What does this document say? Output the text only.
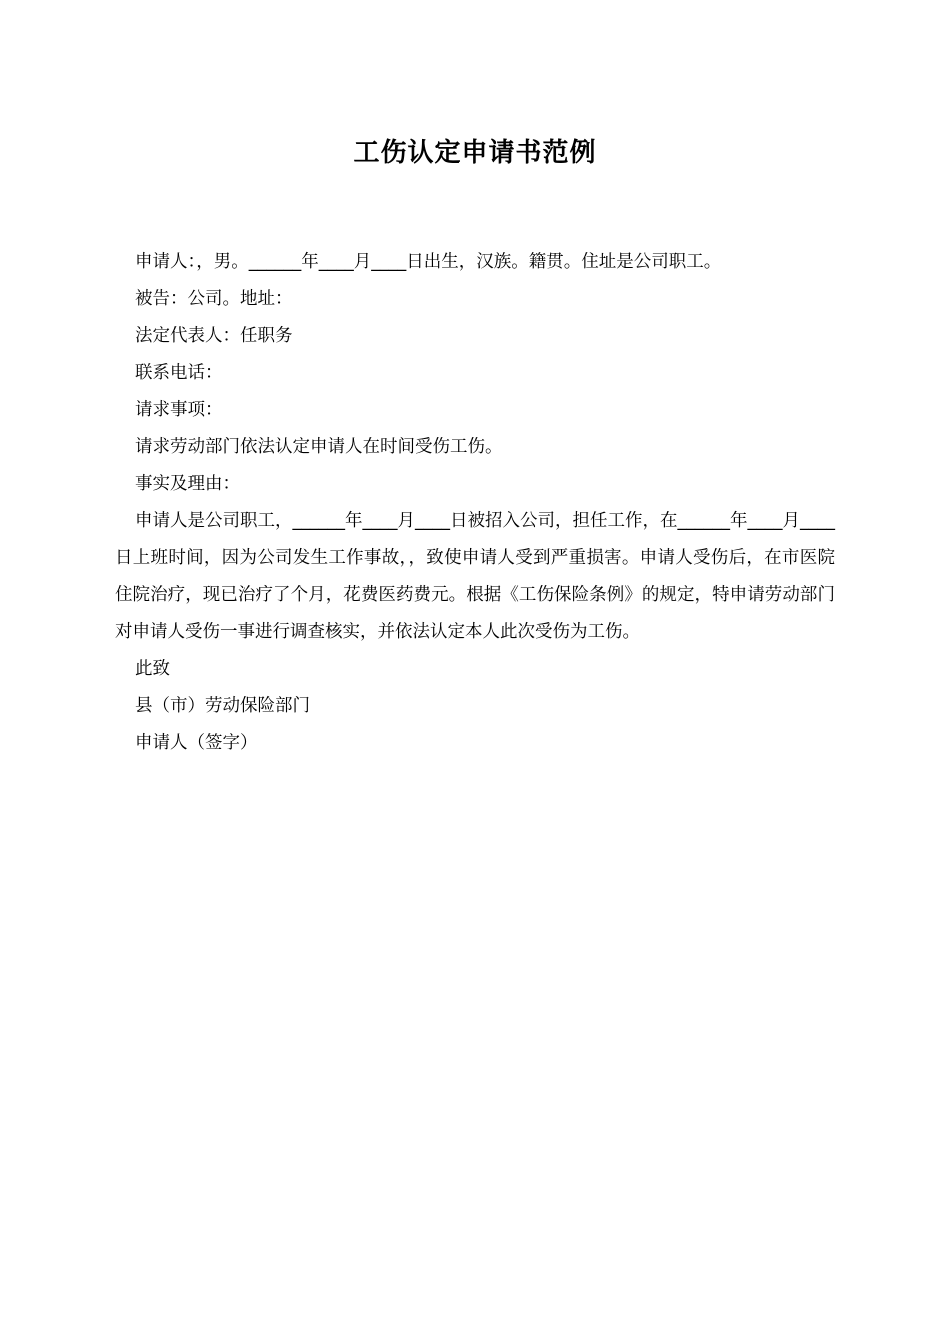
工伤认定申请书范例

申请人：，男。______年____月____日出生，汉族。籍贯。住址是公司职工。

被告：公司。地址：

法定代表人：任职务

联系电话：

请求事项：

请求劳动部门依法认定申请人在时间受伤工伤。

事实及理由：

申请人是公司职工，______年____月____日被招入公司，担任工作，在______年____月____日上班时间，因为公司发生工作事故，，致使申请人受到严重损害。申请人受伤后，在市医院住院治疗，现已治疗了个月，花费医药费元。根据《工伤保险条例》的规定，特申请劳动部门对申请人受伤一事进行调查核实，并依法认定本人此次受伤为工伤。

此致

县（市）劳动保险部门

申请人（签字）
